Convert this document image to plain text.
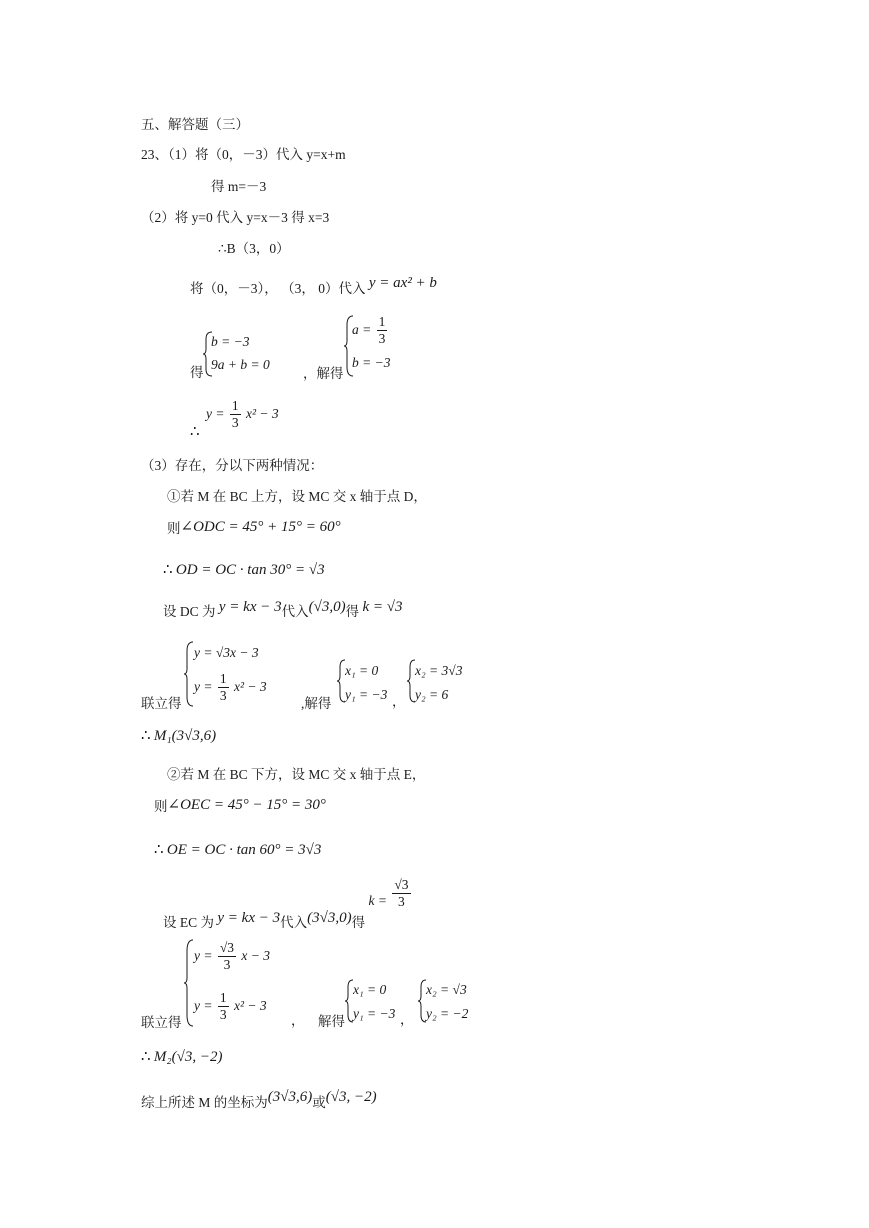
五、解答题（三）
23、（1）将（0，－3）代入 y=x+m
得 m=－3
（2）将 y=0 代入 y=x－3 得 x=3
∴B（3，0）
将（0，－3）， （3， 0）代入 y = ax² + b
得
b = −3
9a + b = 0
，解得
$a = \frac{1}{3}$
b = −3
∴
$y = \frac{1}{3} x^2 - 3$
（3）存在，分以下两种情况：
①若 M 在 BC 上方，设 MC 交 x 轴于点 D，
则∠ODC = 45° + 15° = 60°
∴ OD = OC · tan 30° = √3
设 DC 为 y = kx − 3代入(√3,0)得 k = √3
联立得
y = √3x − 3
$y = \frac{1}{3} x^2 - 3$
,解得
x₁ = 0
y₁ = −3 ，
x₂ = 3√3
y₂ = 6
∴ M₁(3√3,6)
②若 M 在 BC 下方，设 MC 交 x 轴于点 E，
则∠OEC = 45° − 15° = 30°
∴ OE = OC · tan 60° = 3√3
设 EC 为 y = kx − 3代入(3√3,0)得 $k = \frac{√3}{3}$
联立得
$y = \frac{√3}{3}$ x − 3
$y = \frac{1}{3} x^2 - 3$
， 解得
x₁ = 0
y₁ = −3 ，
x₂ = √3
y₂ = −2
∴ M₂(√3, −2)
综上所述 M 的坐标为(3√3,6)或(√3, −2)
